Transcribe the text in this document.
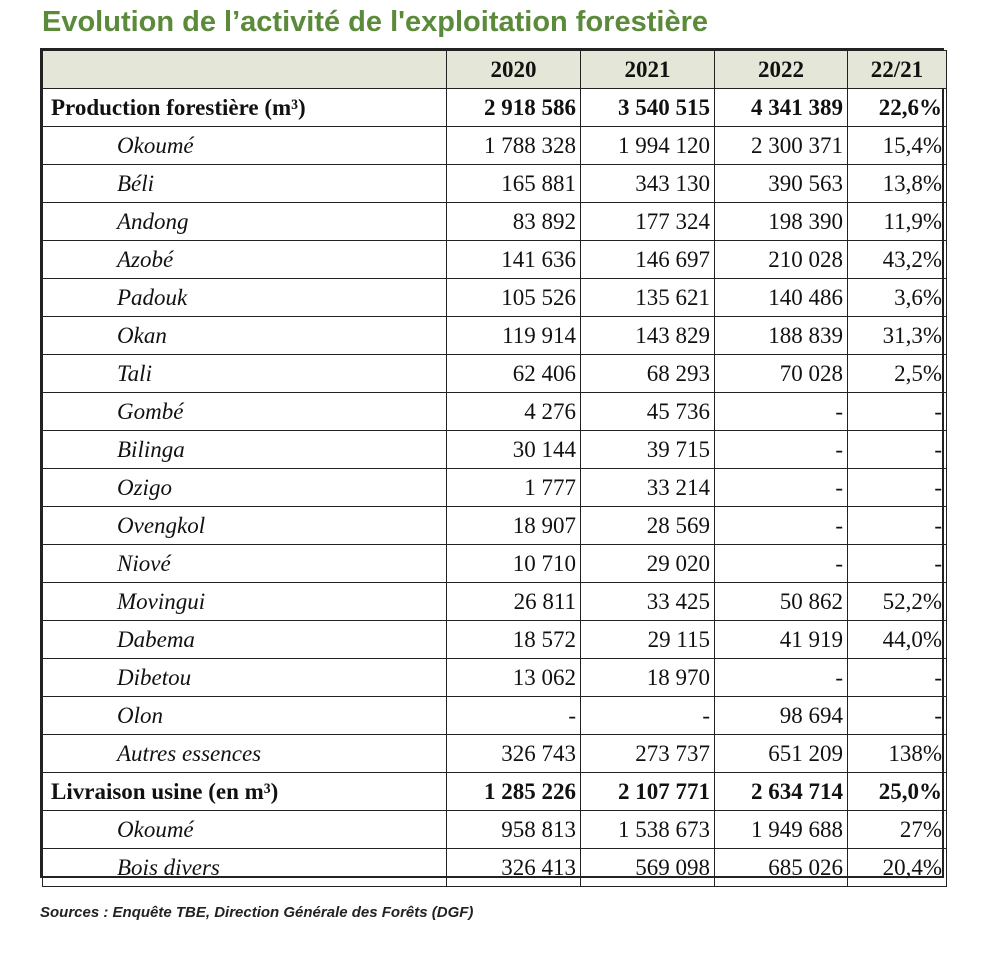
Evolution de l’activité de l'exploitation forestière
	2020	2021	2022	22/21
Production forestière (m³)	2 918 586	3 540 515	4 341 389	22,6%
Okoumé	1 788 328	1 994 120	2 300 371	15,4%
Béli	165 881	343 130	390 563	13,8%
Andong	83 892	177 324	198 390	11,9%
Azobé	141 636	146 697	210 028	43,2%
Padouk	105 526	135 621	140 486	3,6%
Okan	119 914	143 829	188 839	31,3%
Tali	62 406	68 293	70 028	2,5%
Gombé	4 276	45 736	-	-
Bilinga	30 144	39 715	-	-
Ozigo	1 777	33 214	-	-
Ovengkol	18 907	28 569	-	-
Niové	10 710	29 020	-	-
Movingui	26 811	33 425	50 862	52,2%
Dabema	18 572	29 115	41 919	44,0%
Dibetou	13 062	18 970	-	-
Olon	-	-	98 694	-
Autres essences	326 743	273 737	651 209	138%
Livraison usine (en m³)	1 285 226	2 107 771	2 634 714	25,0%
Okoumé	958 813	1 538 673	1 949 688	27%
Bois divers	326 413	569 098	685 026	20,4%
Sources : Enquête TBE, Direction Générale des Forêts (DGF)
